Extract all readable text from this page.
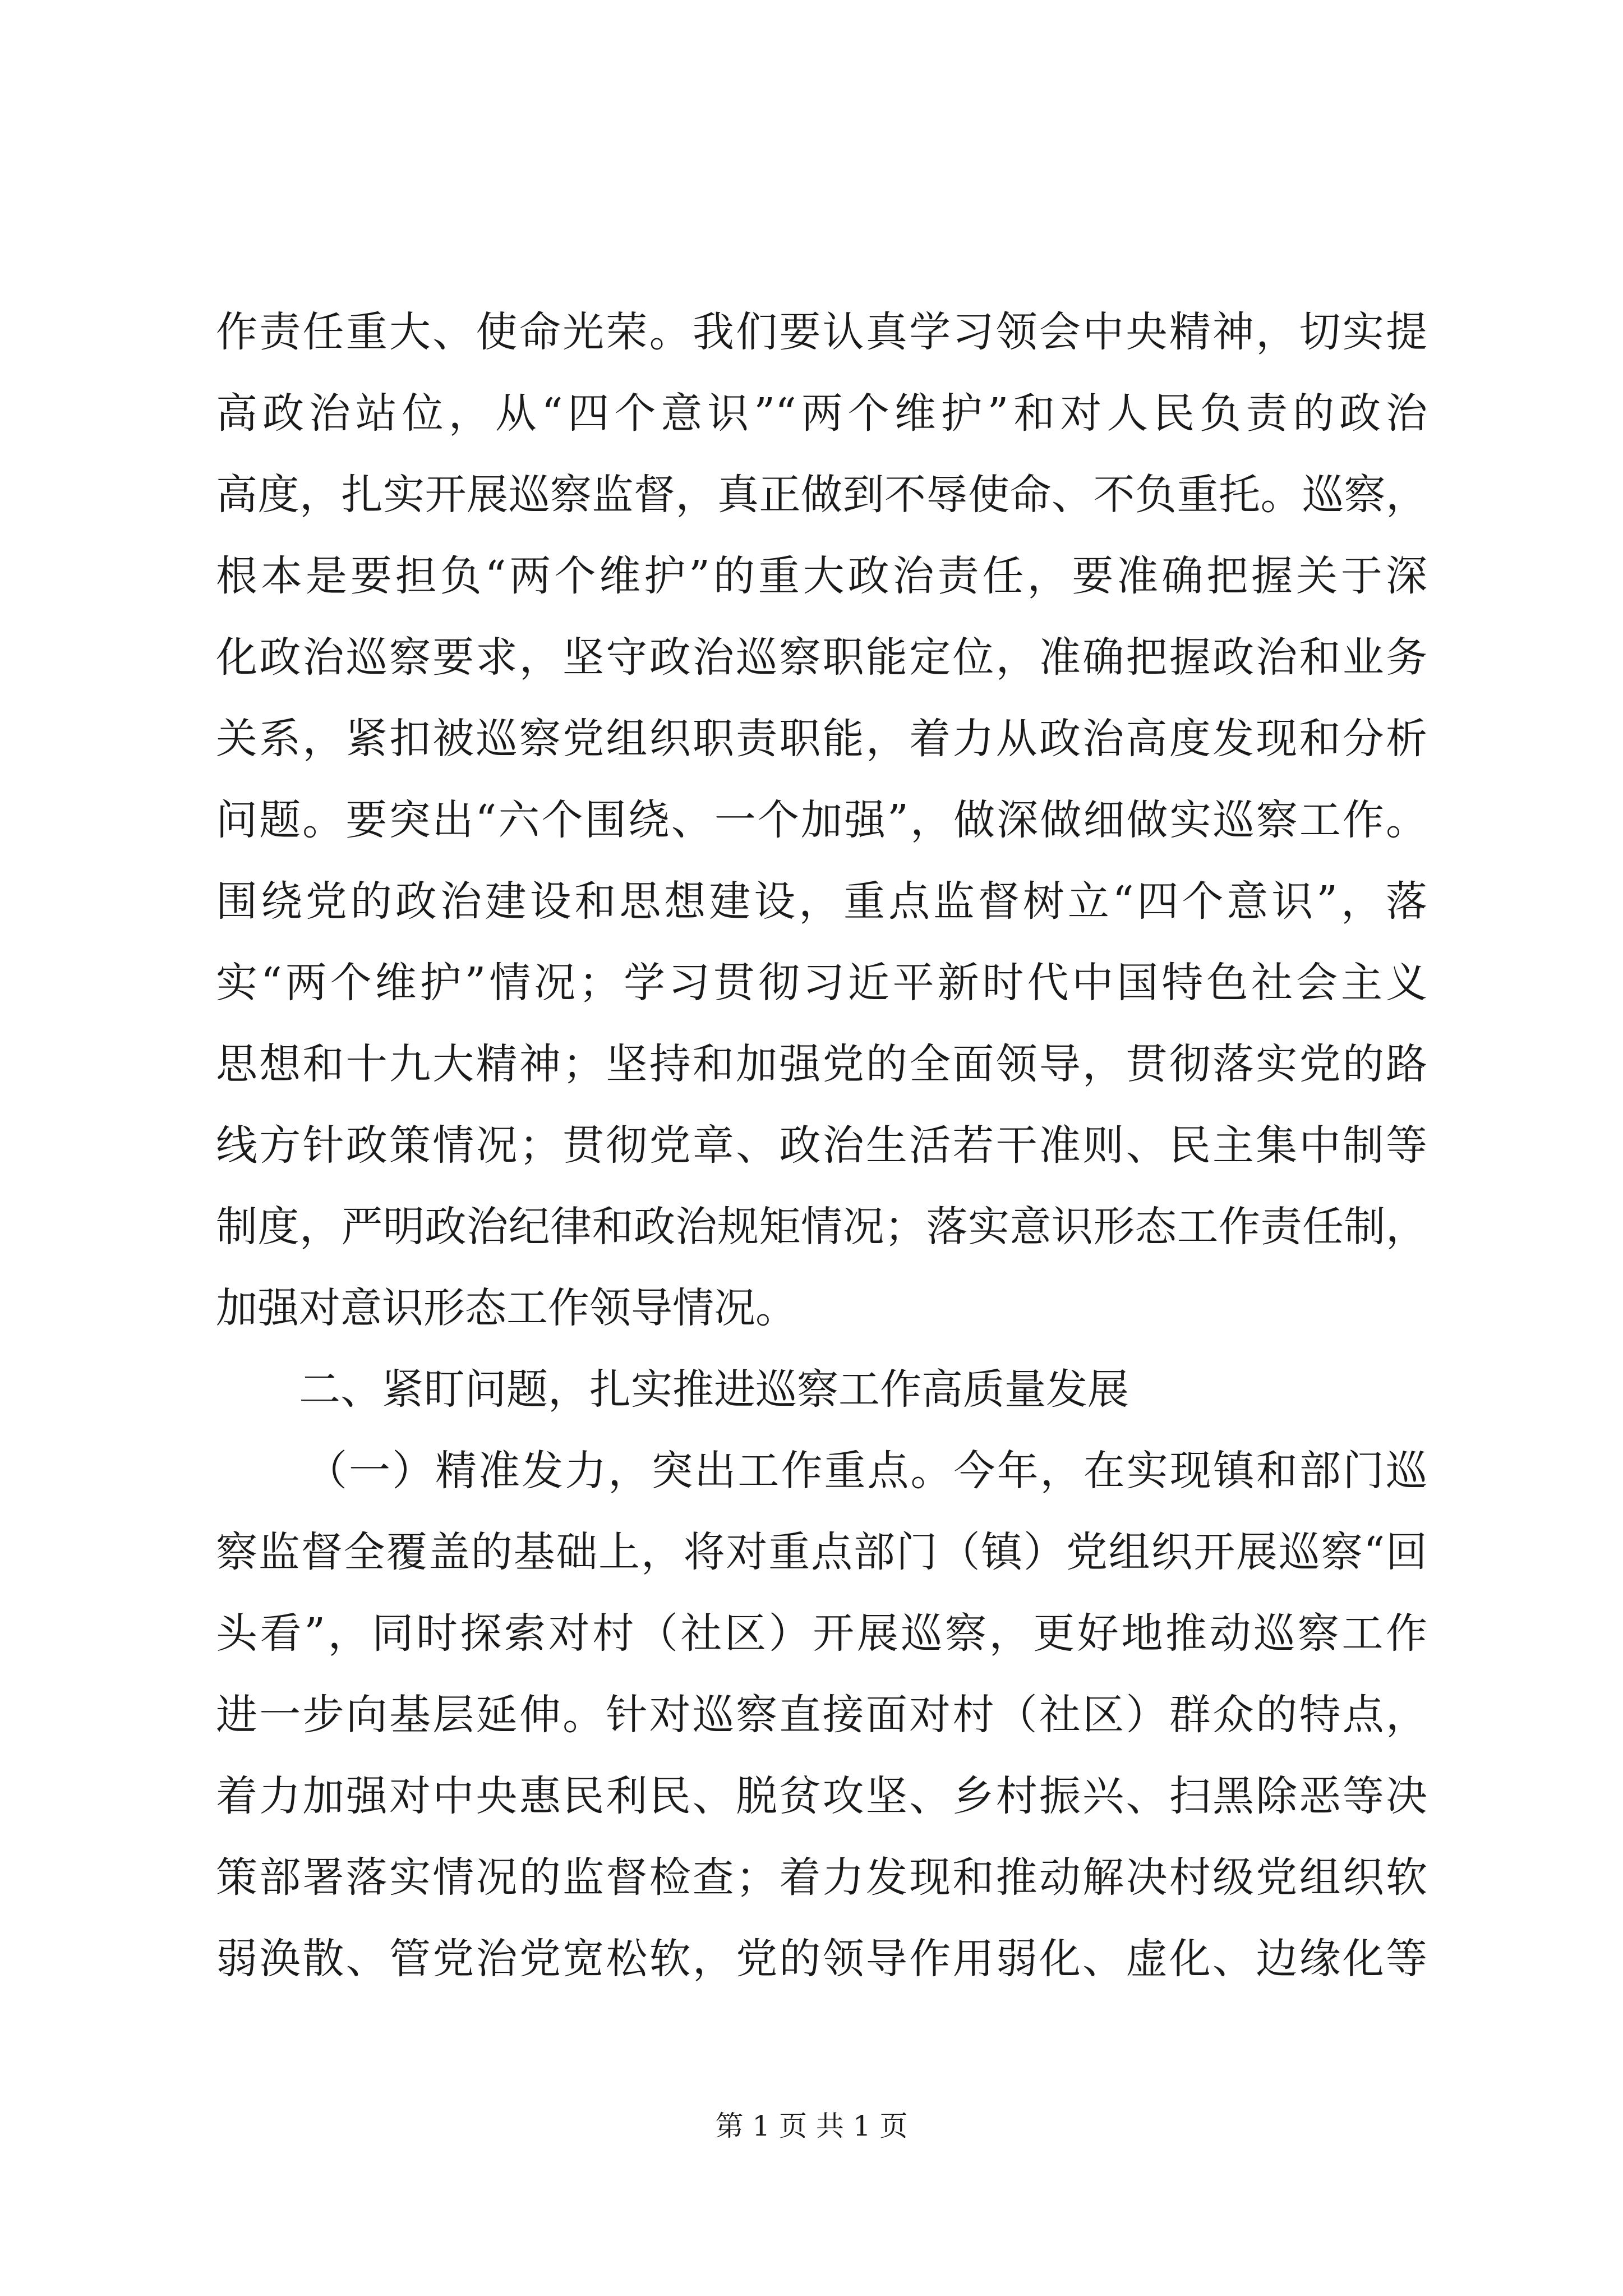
作责任重大、使命光荣。我们要认真学习领会中央精神，切实提
高政治站位，从“四个意识”“两个维护”和对人民负责的政治
高度，扎实开展巡察监督，真正做到不辱使命、不负重托。巡察，
根本是要担负“两个维护”的重大政治责任，要准确把握关于深
化政治巡察要求，坚守政治巡察职能定位，准确把握政治和业务
关系，紧扣被巡察党组织职责职能，着力从政治高度发现和分析
问题。要突出“六个围绕、一个加强”，做深做细做实巡察工作。
围绕党的政治建设和思想建设，重点监督树立“四个意识”，落
实“两个维护”情况；学习贯彻习近平新时代中国特色社会主义
思想和十九大精神；坚持和加强党的全面领导，贯彻落实党的路
线方针政策情况；贯彻党章、政治生活若干准则、民主集中制等
制度，严明政治纪律和政治规矩情况；落实意识形态工作责任制，
加强对意识形态工作领导情况。
二、紧盯问题，扎实推进巡察工作高质量发展
（一）精准发力，突出工作重点。今年，在实现镇和部门巡
察监督全覆盖的基础上，将对重点部门（镇）党组织开展巡察“回
头看”，同时探索对村（社区）开展巡察，更好地推动巡察工作
进一步向基层延伸。针对巡察直接面对村（社区）群众的特点，
着力加强对中央惠民利民、脱贫攻坚、乡村振兴、扫黑除恶等决
策部署落实情况的监督检查；着力发现和推动解决村级党组织软
弱涣散、管党治党宽松软，党的领导作用弱化、虚化、边缘化等
第 1 页 共 1 页
